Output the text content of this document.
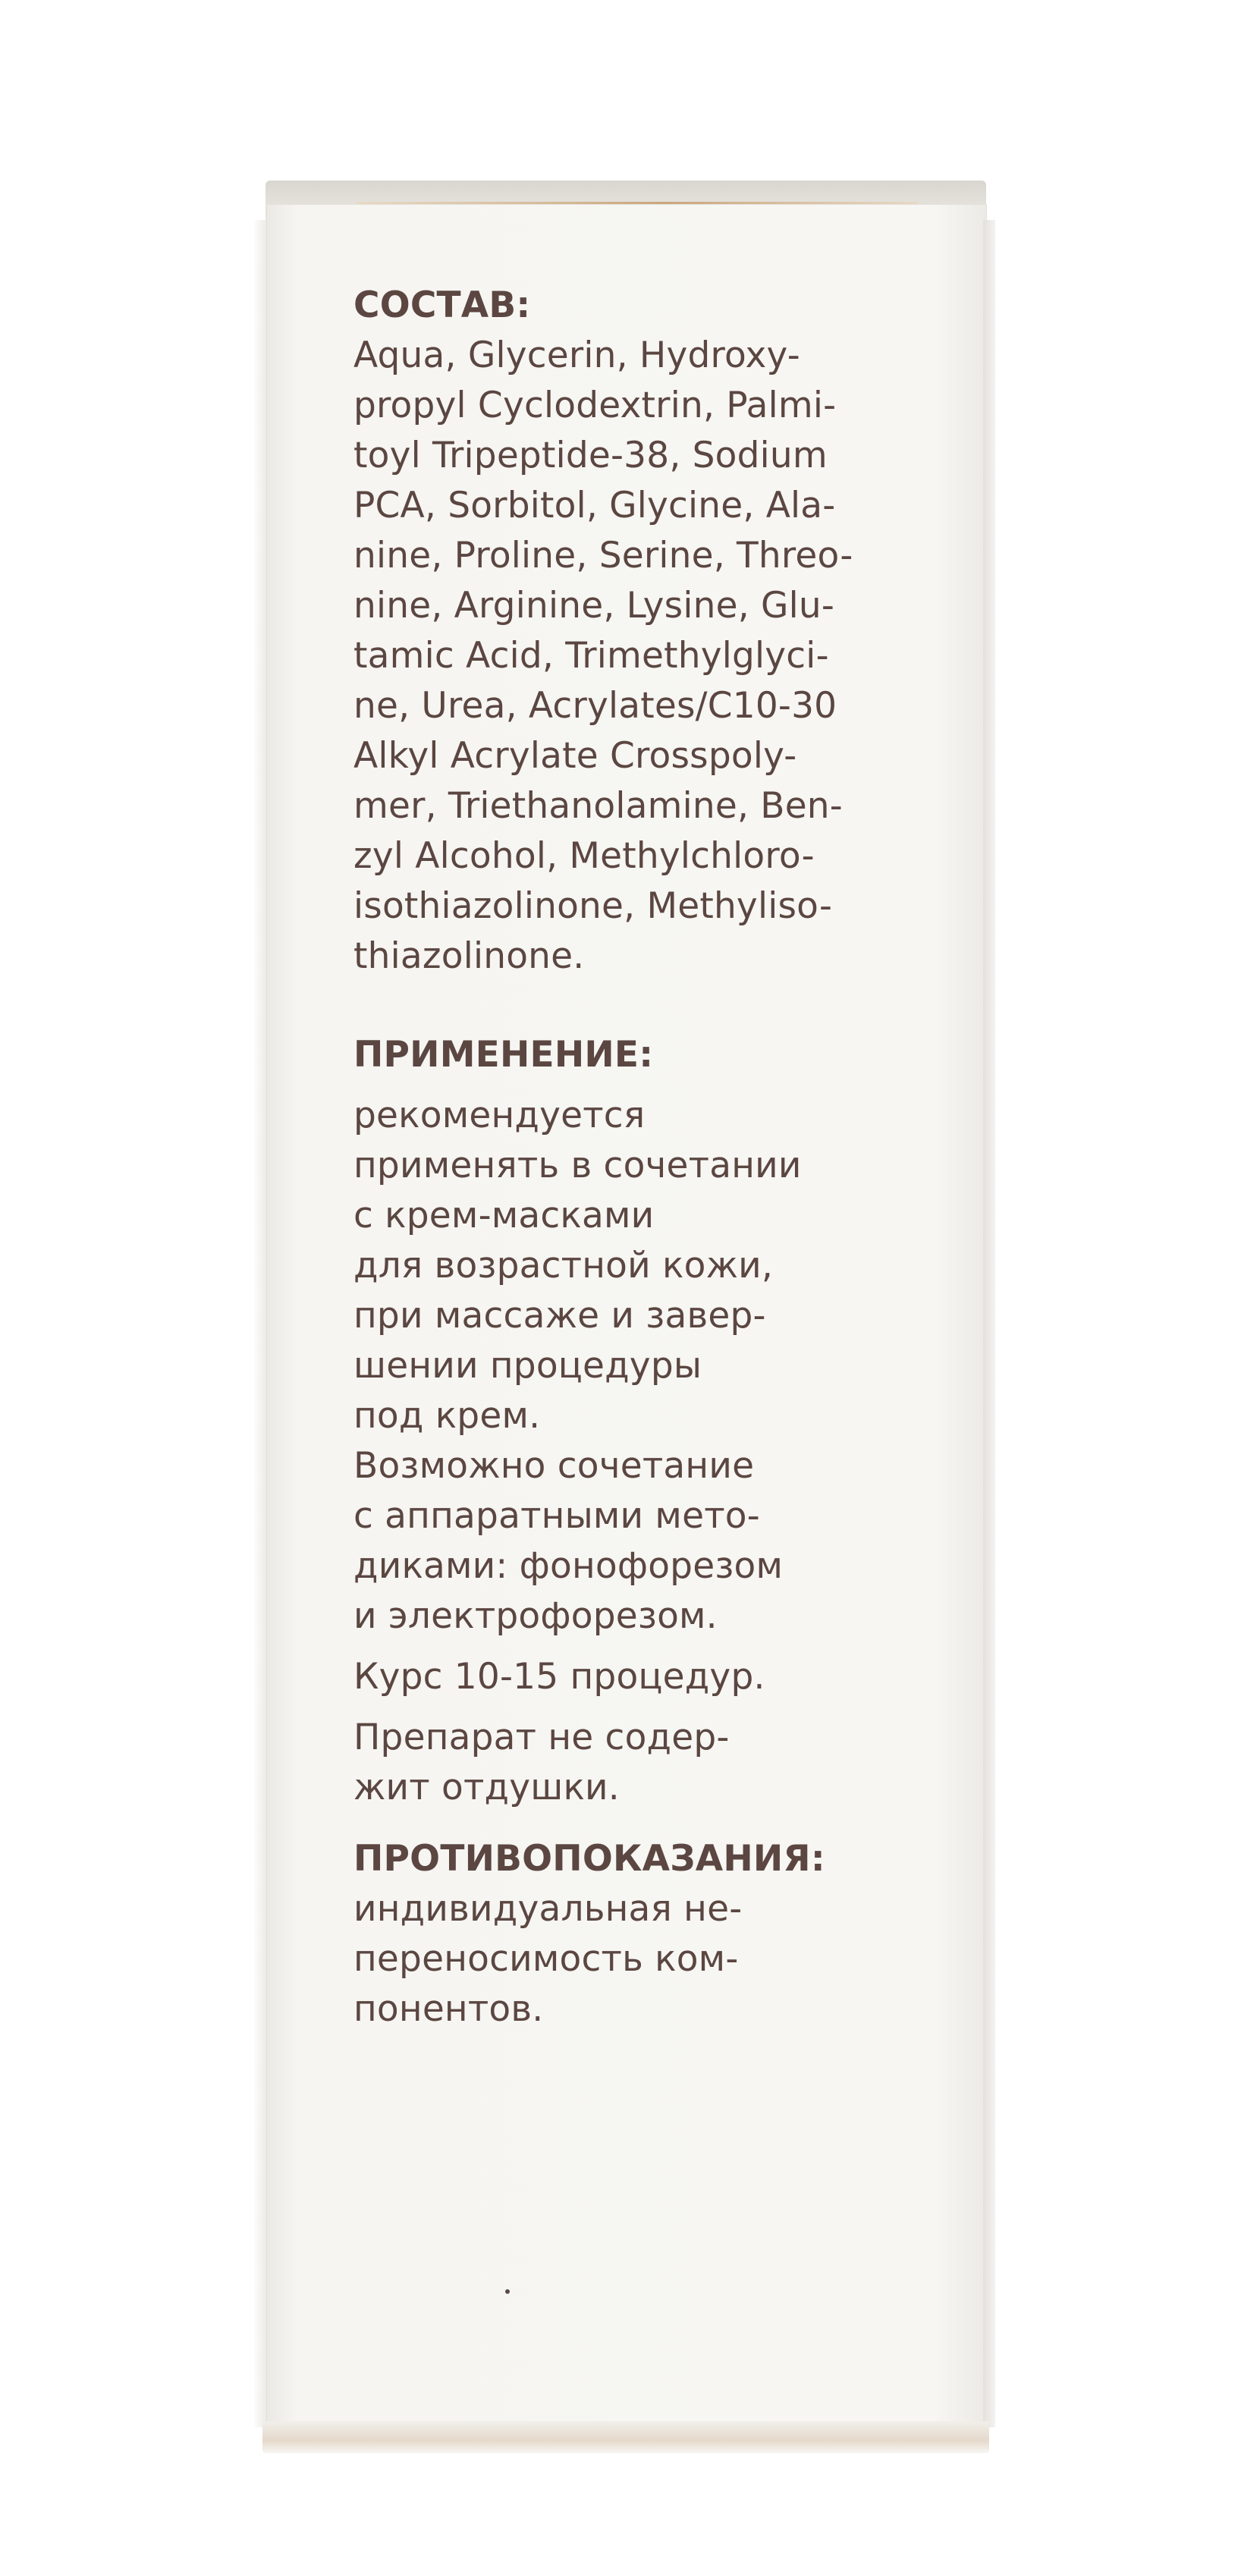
СОСТАВ:
Aqua, Glycerin, Hydroxy-
propyl Cyclodextrin, Palmi-
toyl Tripeptide-38, Sodium
PCA, Sorbitol, Glycine, Ala-
nine, Proline, Serine, Threo-
nine, Arginine, Lysine, Glu-
tamic Acid, Trimethylglyci-
ne, Urea, Acrylates/C10-30
Alkyl Acrylate Crosspoly-
mer, Triethanolamine, Ben-
zyl Alcohol, Methylchloro-
isothiazolinone, Methyliso-
thiazolinone.
ПРИМЕНЕНИЕ:
рекомендуется
применять в сочетании
с крем-масками
для возрастной кожи,
при массаже и завер-
шении процедуры
под крем.
Возможно сочетание
с аппаратными мето-
диками: фонофорезом
и электрофорезом.
Курс 10-15 процедур.
Препарат не содер-
жит отдушки.
ПРОТИВОПОКАЗАНИЯ:
индивидуальная не-
переносимость ком-
понентов.
